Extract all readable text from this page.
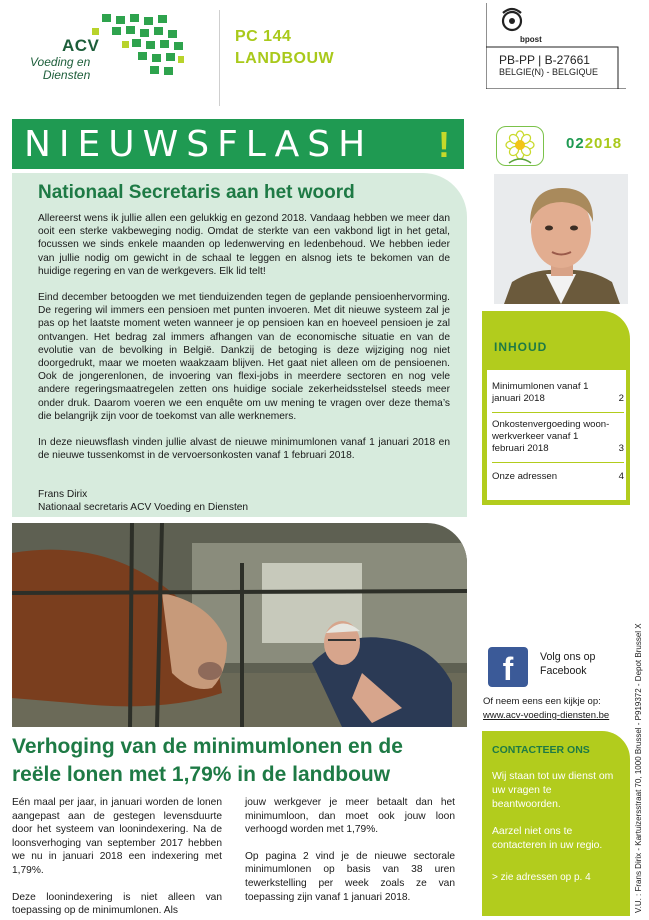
ACV
Voeding en
Diensten
PC 144
LANDBOUW
bpost
PB-PP | B-27661
BELGIE(N) - BELGIQUE
NIEUWSFLASH !	022018
Nationaal Secretaris aan het woord

Allereerst wens ik jullie allen een gelukkig en gezond 2018. Vandaag hebben we meer dan ooit een sterke vakbeweging nodig. Omdat de sterkte van een vakbond ligt in het getal, focussen we sinds enkele maanden op ledenwerving en ledenbehoud. We hebben ieder van jullie nodig om gewicht in de schaal te leggen en alsnog iets te bekomen van de huidige regering en van de werkgevers. Elk lid telt!

Eind december betoogden we met tienduizenden tegen de geplande pensioenhervorming. De regering wil immers een pensioen met punten invoeren. Met dit nieuwe systeem zal je pas op het laatste moment weten wanneer je op pensioen kan en hoeveel pensioen je zal ontvangen. Het bedrag zal immers afhangen van de economische situatie en van de evolutie van de bevolking in België. Dankzij de betoging is deze wijziging nog niet doorgedrukt, maar we moeten waakzaam blijven. Het gaat niet alleen om de pensioenen. Ook de jongerenlonen, de invoering van flexi-jobs in meerdere sectoren en nog vele andere regeringsmaatregelen zetten ons huidige sociale zekerheidsstelsel steeds meer onder druk. Daarom voeren we een enquête om uw mening te vragen over deze thema’s die belangrijk zijn voor de toekomst van alle werknemers.

In deze nieuwsflash vinden jullie alvast de nieuwe minimumlonen vanaf 1 januari 2018 en de nieuwe tussenkomst in de vervoersonkosten vanaf 1 februari 2018.

Frans Dirix
Nationaal secretaris ACV Voeding en Diensten
INHOUD
Minimumlonen vanaf 1 januari 2018	2
Onkostenvergoeding woon-werkverkeer vanaf 1 februari 2018	3
Onze adressen	4
f	Volg ons op
Facebook
Of neem eens een kijkje op:
www.acv-voeding-diensten.be
Verhoging van de minimumlonen en de
reële lonen met 1,79% in de landbouw

Eén maal per jaar, in januari worden de lonen aangepast aan de gestegen levensduurte door het systeem van loonindexering. Na de loonsverhoging van september 2017 hebben we nu in januari 2018 een indexering met 1,79%.

Deze loonindexering is niet alleen van toepassing op de minimumlonen. Als

jouw werkgever je meer betaalt dan het minimumloon, dan moet ook jouw loon verhoogd worden met 1,79%.

Op pagina 2 vind je de nieuwe sectorale minimumlonen op basis van 38 uren tewerkstelling per week zoals ze van toepassing zijn vanaf 1 januari 2018.

CONTACTEER ONS

Wij staan tot uw dienst om uw vragen te beantwoorden.

Aarzel niet ons te contacteren in uw regio.

> zie adressen op p. 4	V.U. : Frans Dirix - Kartuizersstraat 70, 1000 Brussel - P919372 - Depot Brussel X
